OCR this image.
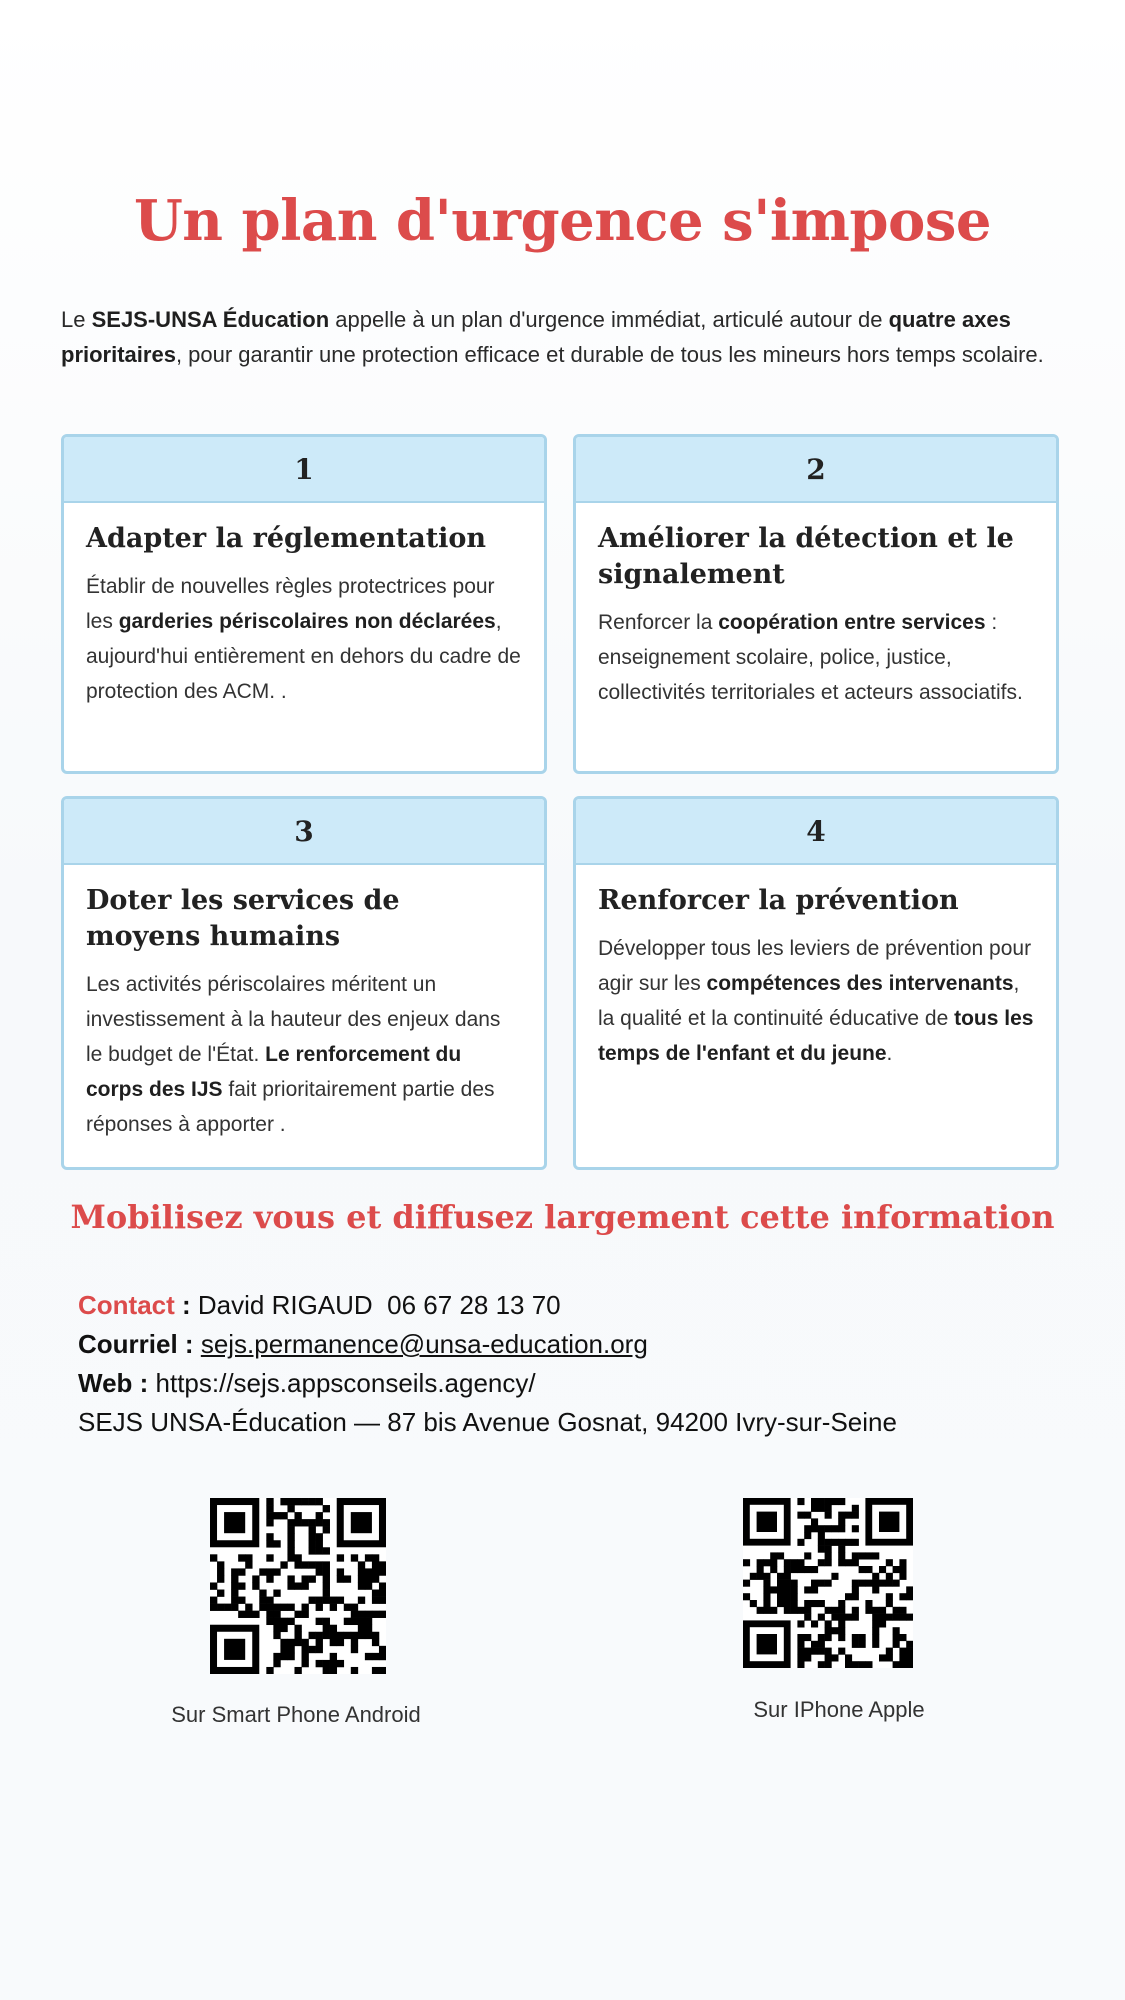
Un plan d'urgence s'impose

Le SEJS-UNSA Éducation appelle à un plan d'urgence immédiat, articulé autour de quatre axes prioritaires, pour garantir une protection efficace et durable de tous les mineurs hors temps scolaire.

1

Adapter la réglementation

Établir de nouvelles règles protectrices pour les garderies périscolaires non déclarées, aujourd'hui entièrement en dehors du cadre de protection des ACM. .

2

Améliorer la détection et le signalement

Renforcer la coopération entre services : enseignement scolaire, police, justice, collectivités territoriales et acteurs associatifs.

3

Doter les services de moyens humains

Les activités périscolaires méritent un investissement à la hauteur des enjeux dans le budget de l'État. Le renforcement du corps des IJS fait prioritairement partie des réponses à apporter .

4

Renforcer la prévention

Développer tous les leviers de prévention pour agir sur les compétences des intervenants, la qualité et la continuité éducative de tous les temps de l'enfant et du jeune.

Mobilisez vous et diffusez largement cette information
Contact : David RIGAUD  06 67 28 13 70
Courriel : sejs.permanence@unsa-education.org
Web : https://sejs.appsconseils.agency/
SEJS UNSA-Éducation — 87 bis Avenue Gosnat, 94200 Ivry-sur-Seine
Sur Smart Phone Android	Sur IPhone Apple
